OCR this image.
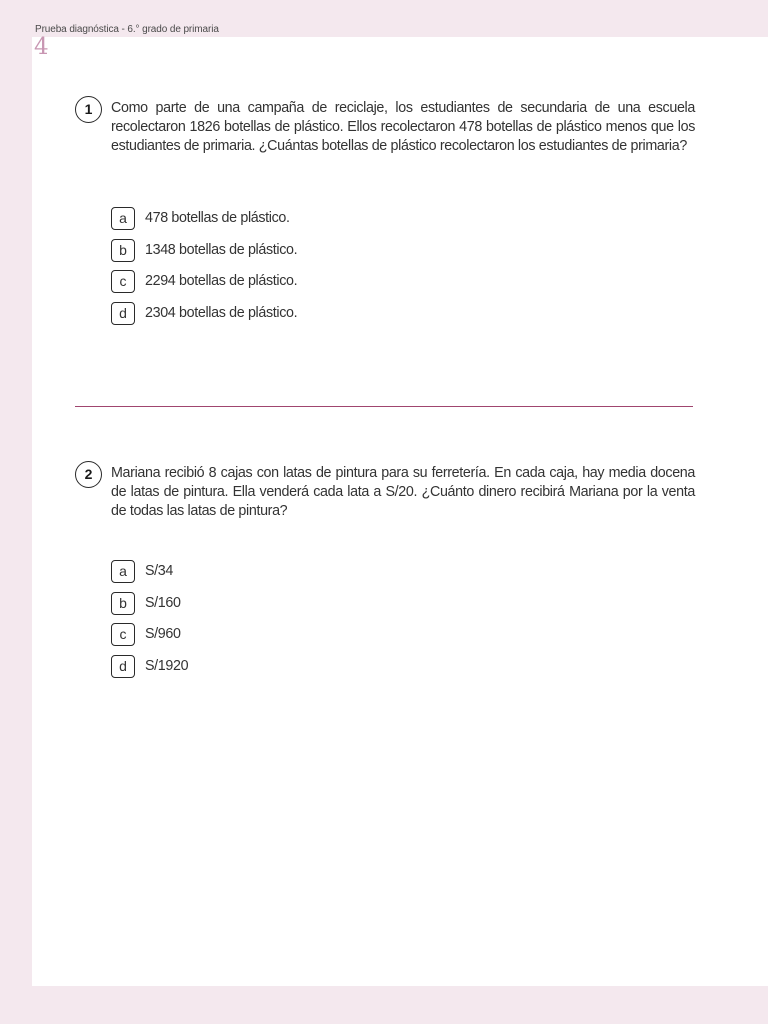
Prueba diagnóstica - 6.° grado de primaria
4
1	Como parte de una campaña de reciclaje, los estudiantes de secundaria de una escuela recolectaron 1826 botellas de plástico. Ellos recolectaron 478 botellas de plástico menos que los estudiantes de primaria. ¿Cuántas botellas de plástico recolectaron los estudiantes de primaria?

a	478 botellas de plástico.
b	1348 botellas de plástico.
c	2294 botellas de plástico.
d	2304 botellas de plástico.
2	Mariana recibió 8 cajas con latas de pintura para su ferretería. En cada caja, hay media docena de latas de pintura. Ella venderá cada lata a S/20. ¿Cuánto dinero recibirá Mariana por la venta de todas las latas de pintura?

a	S/34
b	S/160
c	S/960
d	S/1920
